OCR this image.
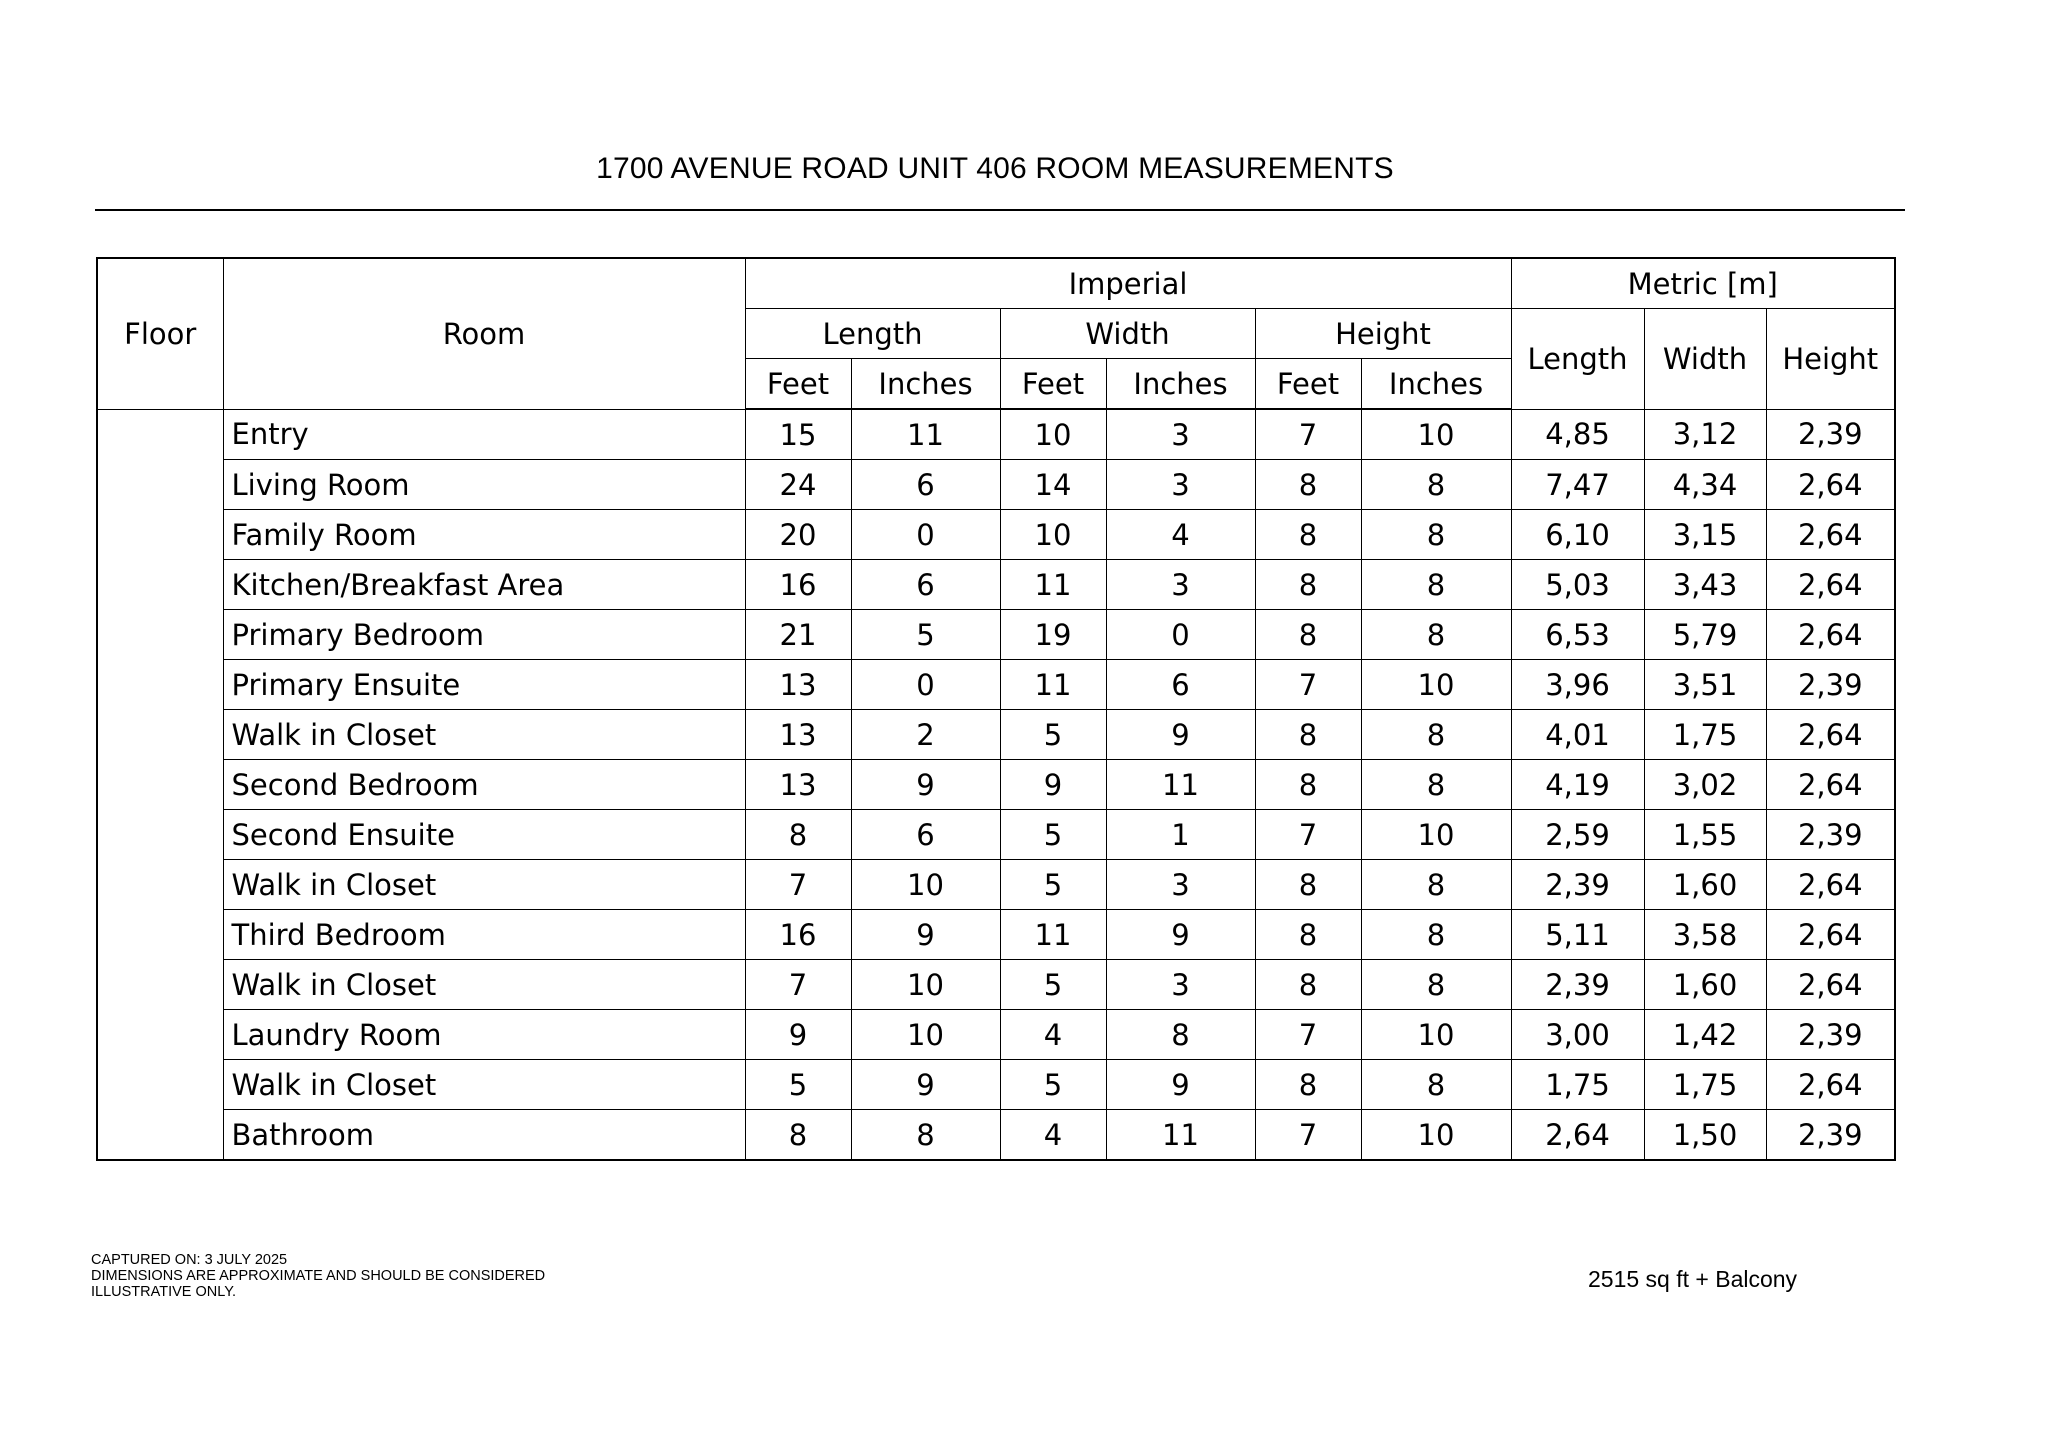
1700 AVENUE ROAD UNIT 406 ROOM MEASUREMENTS
Floor	Room	Imperial						Metric [m]		
		Length		Width		Height		Length	Width	Height
		Feet	Inches	Feet	Inches	Feet	Inches			
	Entry	15	11	10	3	7	10	4,85	3,12	2,39
	Living Room	24	6	14	3	8	8	7,47	4,34	2,64
	Family Room	20	0	10	4	8	8	6,10	3,15	2,64
	Kitchen/Breakfast Area	16	6	11	3	8	8	5,03	3,43	2,64
	Primary Bedroom	21	5	19	0	8	8	6,53	5,79	2,64
	Primary Ensuite	13	0	11	6	7	10	3,96	3,51	2,39
	Walk in Closet	13	2	5	9	8	8	4,01	1,75	2,64
	Second Bedroom	13	9	9	11	8	8	4,19	3,02	2,64
	Second Ensuite	8	6	5	1	7	10	2,59	1,55	2,39
	Walk in Closet	7	10	5	3	8	8	2,39	1,60	2,64
	Third Bedroom	16	9	11	9	8	8	5,11	3,58	2,64
	Walk in Closet	7	10	5	3	8	8	2,39	1,60	2,64
	Laundry Room	9	10	4	8	7	10	3,00	1,42	2,39
	Walk in Closet	5	9	5	9	8	8	1,75	1,75	2,64
	Bathroom	8	8	4	11	7	10	2,64	1,50	2,39
CAPTURED ON: 3 JULY 2025
DIMENSIONS ARE APPROXIMATE AND SHOULD BE CONSIDERED
ILLUSTRATIVE ONLY.	2515 sq ft + Balcony
